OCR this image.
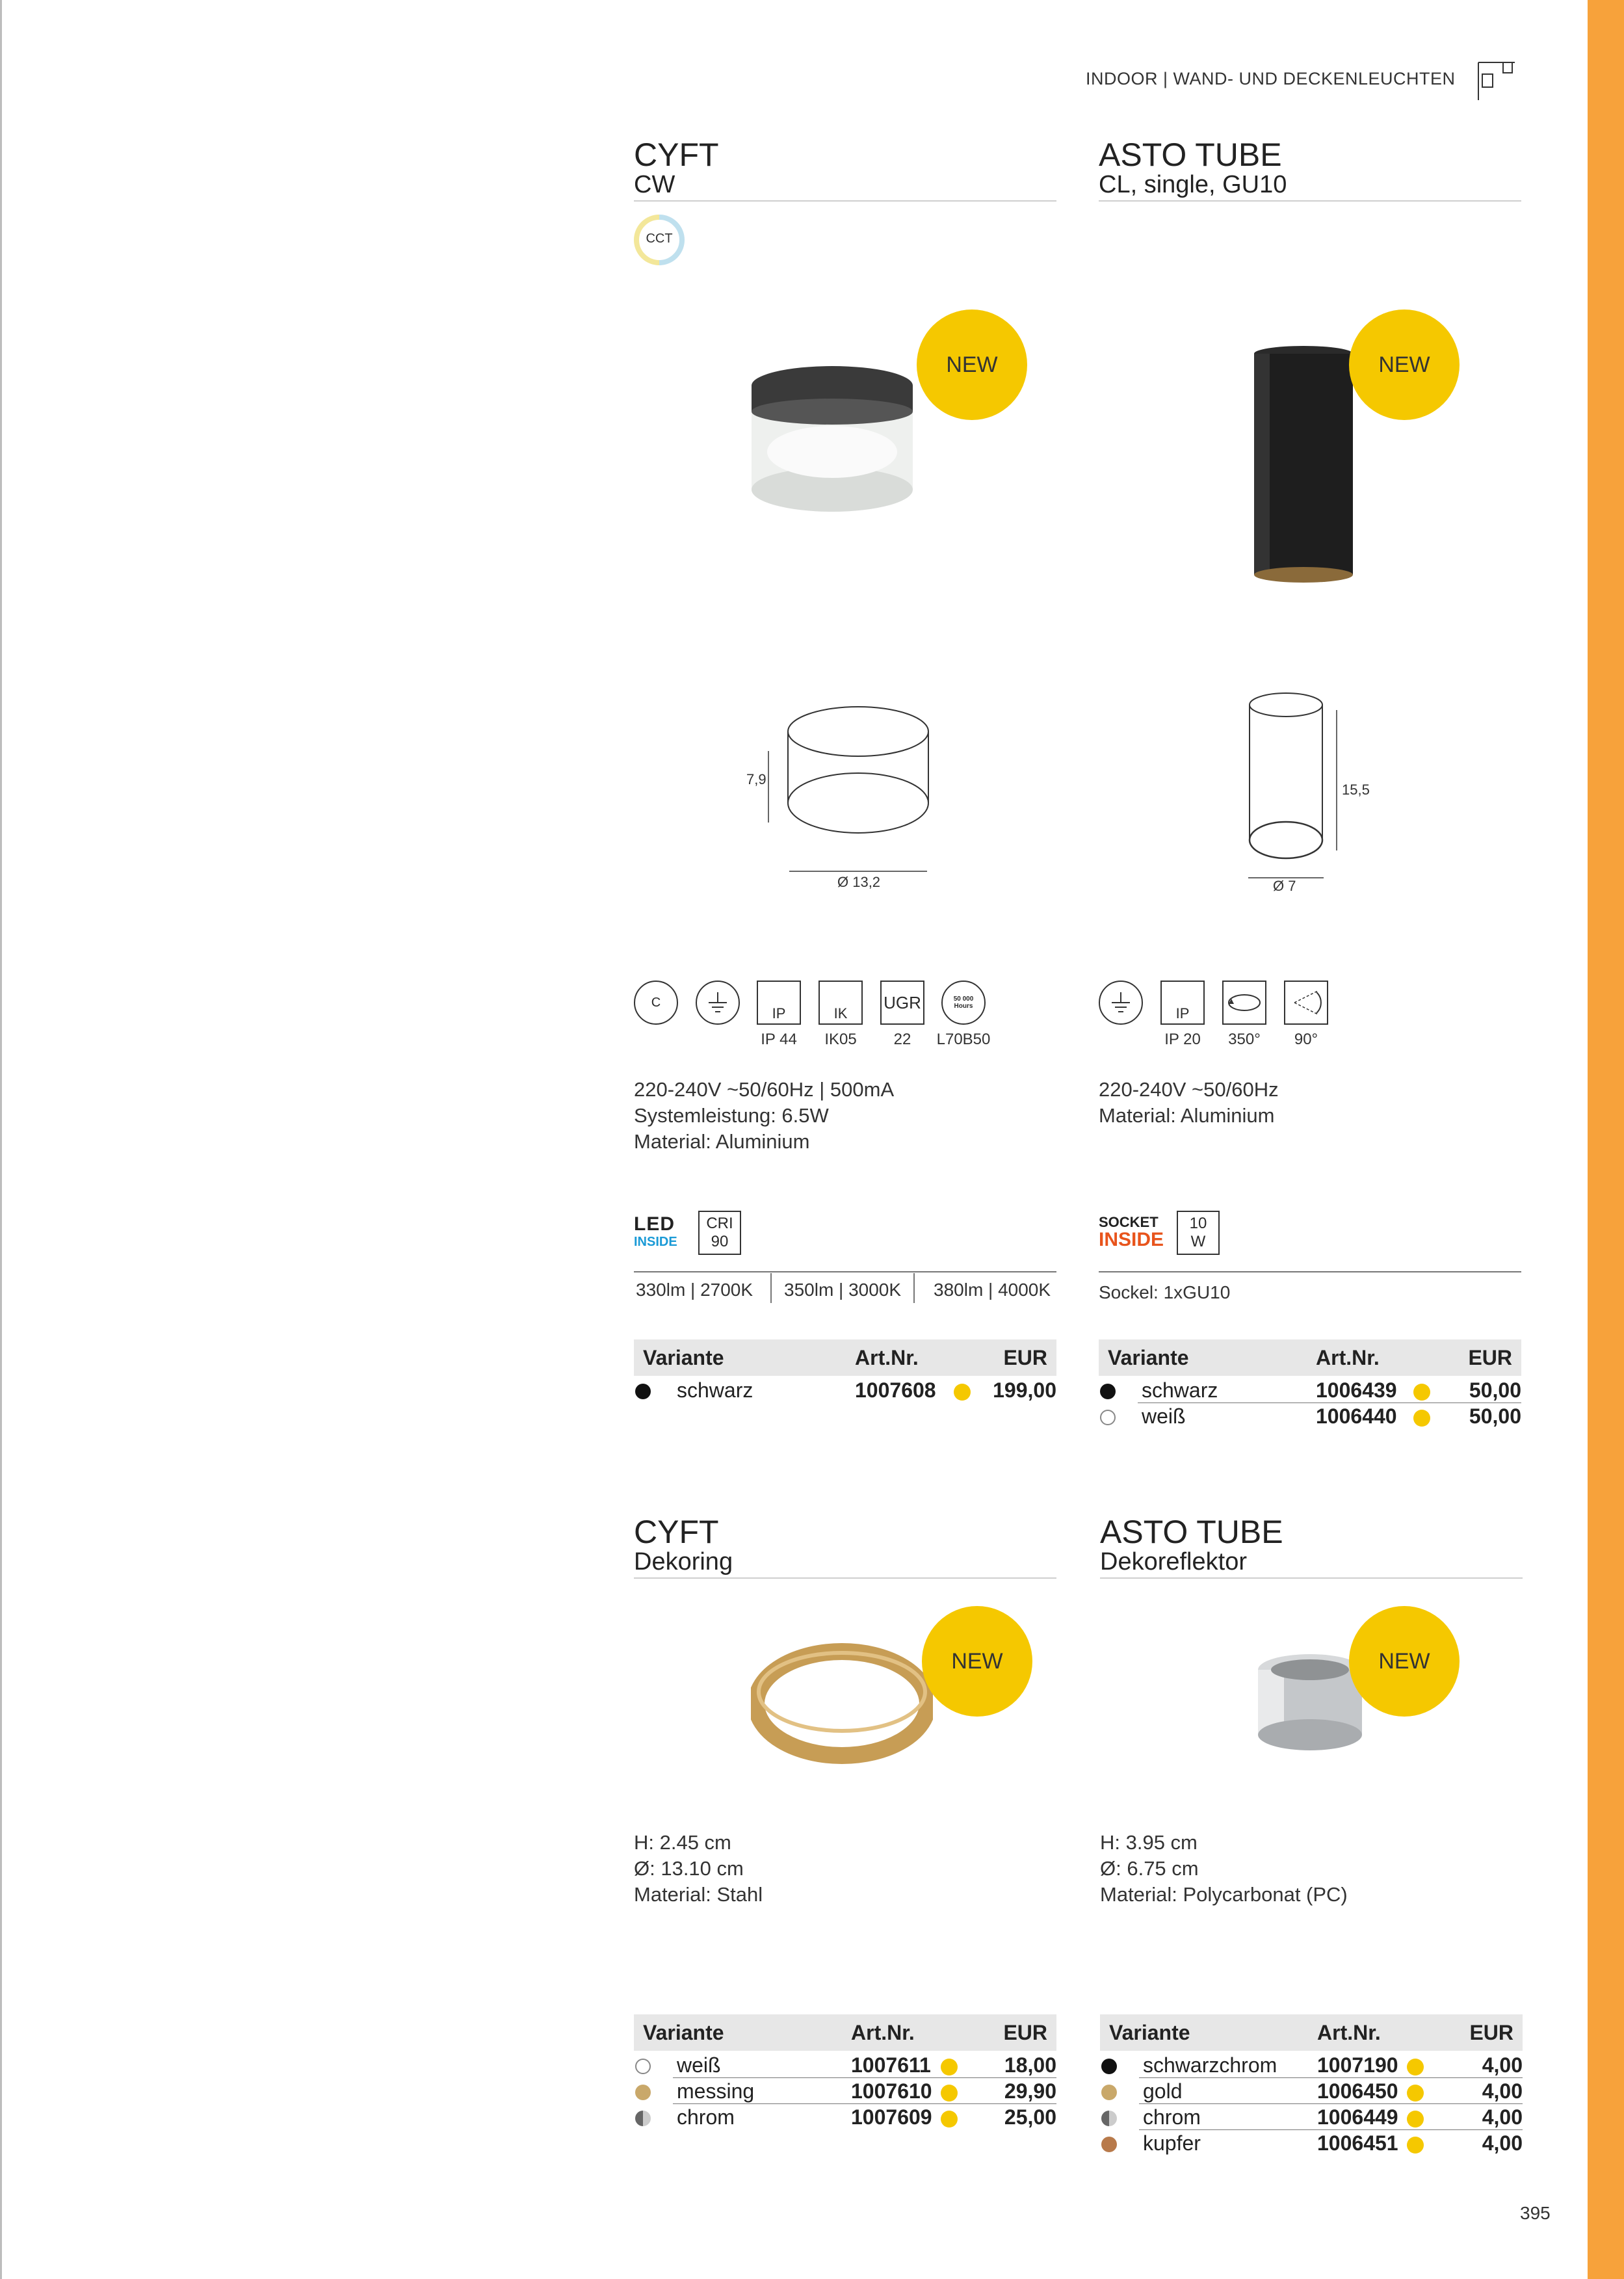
INDOOR | WAND- UND DECKENLEUCHTEN
CYFT
CW
CCT
NEW
7,9
Ø 13,2
C
IP	IK
UGR	50 000 Hours
IP 44	IK05	22	L70B50
220-240V ~50/60Hz | 500mA
Systemleistung: 6.5W
Material: Aluminium
LED
INSIDE
CRI
90
330lm | 2700K 350lm | 3000K 380lm | 4000K
Variante	Art.Nr.	EUR
schwarz	1007608	199,00
ASTO TUBE
CL, single, GU10
NEW
15,5
Ø 7
IP
IP 20	350°	90°
220-240V ~50/60Hz
Material: Aluminium
SOCKET
INSIDE
10
W
Sockel: 1xGU10
Variante	Art.Nr.	EUR
schwarz	1006439	50,00
weiß	1006440	50,00
CYFT
Dekoring
NEW
H: 2.45 cm
Ø: 13.10 cm
Material: Stahl
Variante	Art.Nr.	EUR
weiß	1007611	18,00
messing	1007610	29,90
chrom	1007609	25,00
ASTO TUBE
Dekoreflektor
NEW
H: 3.95 cm
Ø: 6.75 cm
Material: Polycarbonat (PC)
Variante	Art.Nr.	EUR
schwarzchrom 1007190	4,00
gold	1006450	4,00
chrom	1006449	4,00
kupfer	1006451	4,00
395
